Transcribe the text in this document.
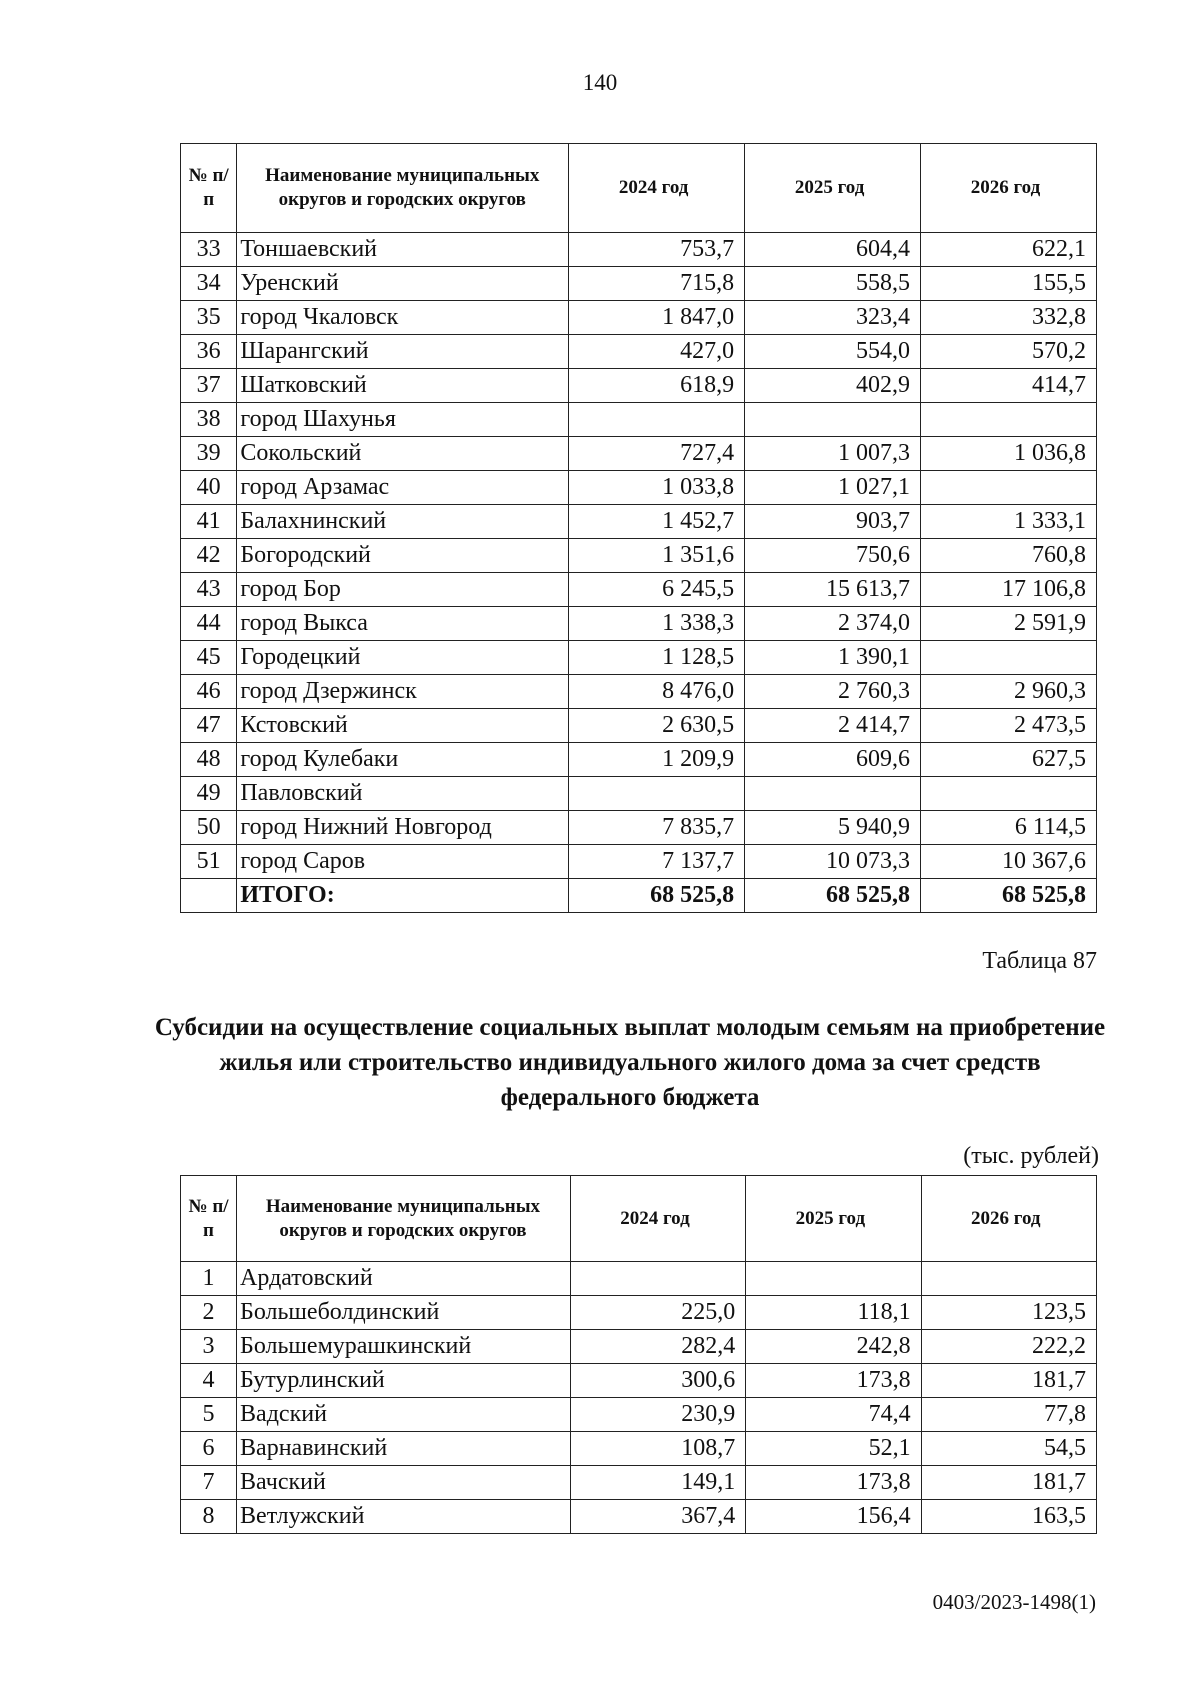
140
№ п/п	Наименование муниципальных округов и городских округов	2024 год	2025 год	2026 год
33	Тоншаевский	753,7	604,4	622,1
34	Уренский	715,8	558,5	155,5
35	город Чкаловск	1 847,0	323,4	332,8
36	Шарангский	427,0	554,0	570,2
37	Шатковский	618,9	402,9	414,7
38	город Шахунья			
39	Сокольский	727,4	1 007,3	1 036,8
40	город Арзамас	1 033,8	1 027,1	
41	Балахнинский	1 452,7	903,7	1 333,1
42	Богородский	1 351,6	750,6	760,8
43	город Бор	6 245,5	15 613,7	17 106,8
44	город Выкса	1 338,3	2 374,0	2 591,9
45	Городецкий	1 128,5	1 390,1	
46	город Дзержинск	8 476,0	2 760,3	2 960,3
47	Кстовский	2 630,5	2 414,7	2 473,5
48	город Кулебаки	1 209,9	609,6	627,5
49	Павловский			
50	город Нижний Новгород	7 835,7	5 940,9	6 114,5
51	город Саров	7 137,7	10 073,3	10 367,6
	ИТОГО:	68 525,8	68 525,8	68 525,8
Таблица 87
Субсидии на осуществление социальных выплат молодым семьям на приобретение жилья или строительство индивидуального жилого дома за счет средств федерального бюджета
(тыс. рублей)
№ п/п	Наименование муниципальных округов и городских округов	2024 год	2025 год	2026 год
1	Ардатовский			
2	Большеболдинский	225,0	118,1	123,5
3	Большемурашкинский	282,4	242,8	222,2
4	Бутурлинский	300,6	173,8	181,7
5	Вадский	230,9	74,4	77,8
6	Варнавинский	108,7	52,1	54,5
7	Вачский	149,1	173,8	181,7
8	Ветлужский	367,4	156,4	163,5
0403/2023-1498(1)
